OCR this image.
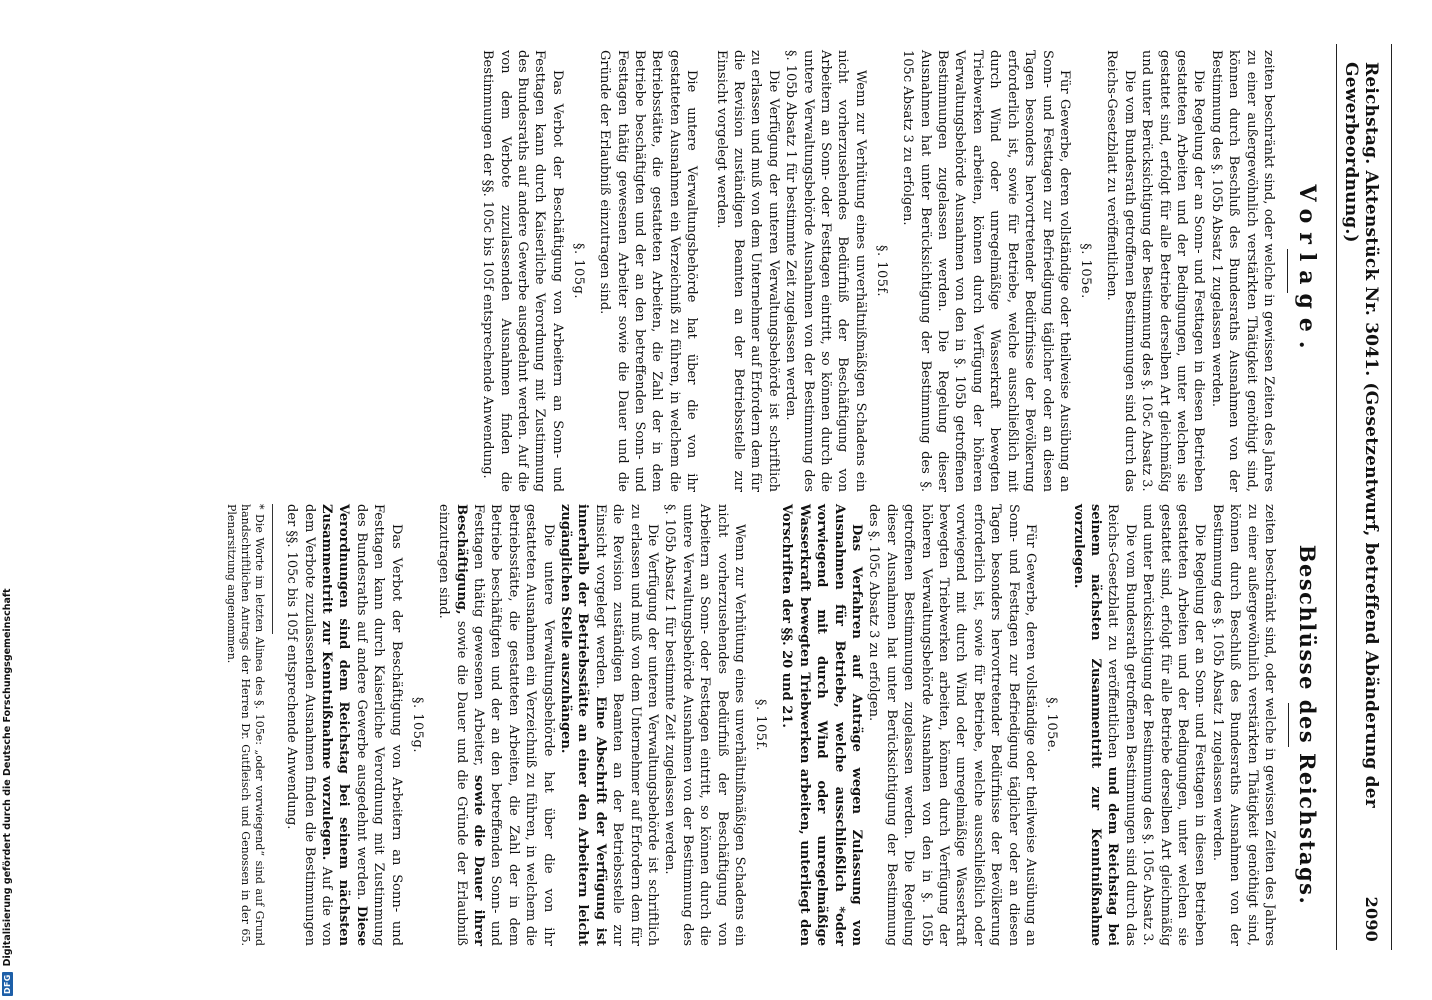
Reichstag. Aktenstück Nr. 3041. (Gesetzentwurf, betreffend Abänderung der Gewerbeordnung.)
2090
Vorlage.

zeiten beschränkt sind, oder welche in gewissen Zeiten des Jahres zu einer außergewöhnlich verstärkten Thätigkeit genöthigt sind, können durch Beschluß des Bundesraths Ausnahmen von der Bestimmung des §. 105b Absatz 1 zugelassen werden.

Die Regelung der an Sonn- und Festtagen in diesen Betrieben gestatteten Arbeiten und der Bedingungen, unter welchen sie gestattet sind, erfolgt für alle Betriebe derselben Art gleichmäßig und unter Berücksichtigung der Bestimmung des §. 105c Absatz 3.

Die vom Bundesrath getroffenen Bestimmungen sind durch das Reichs-Gesetzblatt zu veröffentlichen.

§. 105e.

Für Gewerbe, deren vollständige oder theilweise Ausübung an Sonn- und Festtagen zur Befriedigung täglicher oder an diesen Tagen besonders hervortretender Bedürfnisse der Bevölkerung erforderlich ist, sowie für Betriebe, welche ausschließlich mit durch Wind oder unregelmäßige Wasserkraft bewegten Triebwerken arbeiten, können durch Verfügung der höheren Verwaltungsbehörde Ausnahmen von den in §. 105b getroffenen Bestimmungen zugelassen werden. Die Regelung dieser Ausnahmen hat unter Berücksichtigung der Bestimmung des §. 105c Absatz 3 zu erfolgen.

§. 105f.

Wenn zur Verhütung eines unverhältnißmäßigen Schadens ein nicht vorherzusehendes Bedürfniß der Beschäftigung von Arbeitern an Sonn- oder Festtagen eintritt, so können durch die untere Verwaltungsbehörde Ausnahmen von der Bestimmung des §. 105b Absatz 1 für bestimmte Zeit zugelassen werden.

Die Verfügung der unteren Verwaltungsbehörde ist schriftlich zu erlassen und muß von dem Unternehmer auf Erfordern dem für die Revision zuständigen Beamten an der Betriebsstelle zur Einsicht vorgelegt werden.

Die untere Verwaltungsbehörde hat über die von ihr gestatteten Ausnahmen ein Verzeichniß zu führen, in welchem die Betriebsstätte, die gestatteten Arbeiten, die Zahl der in dem Betriebe beschäftigten und der an den betreffenden Sonn- und Festtagen thätig gewesenen Arbeiter sowie die Dauer und die Gründe der Erlaubniß einzutragen sind.

§. 105g.

Das Verbot der Beschäftigung von Arbeitern an Sonn- und Festtagen kann durch Kaiserliche Verordnung mit Zustimmung des Bundesraths auf andere Gewerbe ausgedehnt werden. Auf die von dem Verbote zuzulassenden Ausnahmen finden die Bestimmungen der §§. 105c bis 105f entsprechende Anwendung.

Beschlüsse des Reichstags.

zeiten beschränkt sind, oder welche in gewissen Zeiten des Jahres zu einer außergewöhnlich verstärkten Thätigkeit genöthigt sind, können durch Beschluß des Bundesraths Ausnahmen von der Bestimmung des §. 105b Absatz 1 zugelassen werden.

Die Regelung der an Sonn- und Festtagen in diesen Betrieben gestatteten Arbeiten und der Bedingungen, unter welchen sie gestattet sind, erfolgt für alle Betriebe derselben Art gleichmäßig und unter Berücksichtigung der Bestimmung des §. 105c Absatz 3.

Die vom Bundesrath getroffenen Bestimmungen sind durch das Reichs-Gesetzblatt zu veröffentlichen und dem Reichstag bei seinem nächsten Zusammentritt zur Kenntnißnahme vorzulegen.

§. 105e.

Für Gewerbe, deren vollständige oder theilweise Ausübung an Sonn- und Festtagen zur Befriedigung täglicher oder an diesen Tagen besonders hervortretender Bedürfnisse der Bevölkerung erforderlich ist, sowie für Betriebe, welche ausschließlich oder vorwiegend mit durch Wind oder unregelmäßige Wasserkraft bewegten Triebwerken arbeiten, können durch Verfügung der höheren Verwaltungsbehörde Ausnahmen von den in §. 105b getroffenen Bestimmungen zugelassen werden. Die Regelung dieser Ausnahmen hat unter Berücksichtigung der Bestimmung des §. 105c Absatz 3 zu erfolgen.

Das Verfahren auf Anträge wegen Zulassung von Ausnahmen für Betriebe, welche ausschließlich *oder vorwiegend mit durch Wind oder unregelmäßige Wasserkraft bewegten Triebwerken arbeiten, unterliegt den Vorschriften der §§. 20 und 21.

§. 105f.

Wenn zur Verhütung eines unverhältnißmäßigen Schadens ein nicht vorherzusehendes Bedürfniß der Beschäftigung von Arbeitern an Sonn- oder Festtagen eintritt, so können durch die untere Verwaltungsbehörde Ausnahmen von der Bestimmung des §. 105b Absatz 1 für bestimmte Zeit zugelassen werden.

Die Verfügung der unteren Verwaltungsbehörde ist schriftlich zu erlassen und muß von dem Unternehmer auf Erfordern dem für die Revision zuständigen Beamten an der Betriebsstelle zur Einsicht vorgelegt werden. Eine Abschrift der Verfügung ist innerhalb der Betriebsstätte an einer den Arbeitern leicht zugänglichen Stelle auszuhängen.

Die untere Verwaltungsbehörde hat über die von ihr gestatteten Ausnahmen ein Verzeichniß zu führen, in welchem die Betriebsstätte, die gestatteten Arbeiten, die Zahl der in dem Betriebe beschäftigten und der an den betreffenden Sonn- und Festtagen thätig gewesenen Arbeiter, sowie die Dauer ihrer Beschäftigung, sowie die Dauer und die Gründe der Erlaubniß einzutragen sind.

§. 105g.

Das Verbot der Beschäftigung von Arbeitern an Sonn- und Festtagen kann durch Kaiserliche Verordnung mit Zustimmung des Bundesraths auf andere Gewerbe ausgedehnt werden. Diese Verordnungen sind dem Reichstag bei seinem nächsten Zusammentritt zur Kenntnißnahme vorzulegen. Auf die von dem Verbote zuzulassenden Ausnahmen finden die Bestimmungen der §§. 105c bis 105f entsprechende Anwendung.

* Die Worte im letzten Alinea des §. 105e: „oder vorwiegend“ sind auf Grund handschriftlichen Antrags der Herren Dr. Gutfleisch und Genossen in der 65. Plenarsitzung angenommen.

DFG
Digitalisierung gefördert durch die Deutsche Forschungsgemeinschaft
